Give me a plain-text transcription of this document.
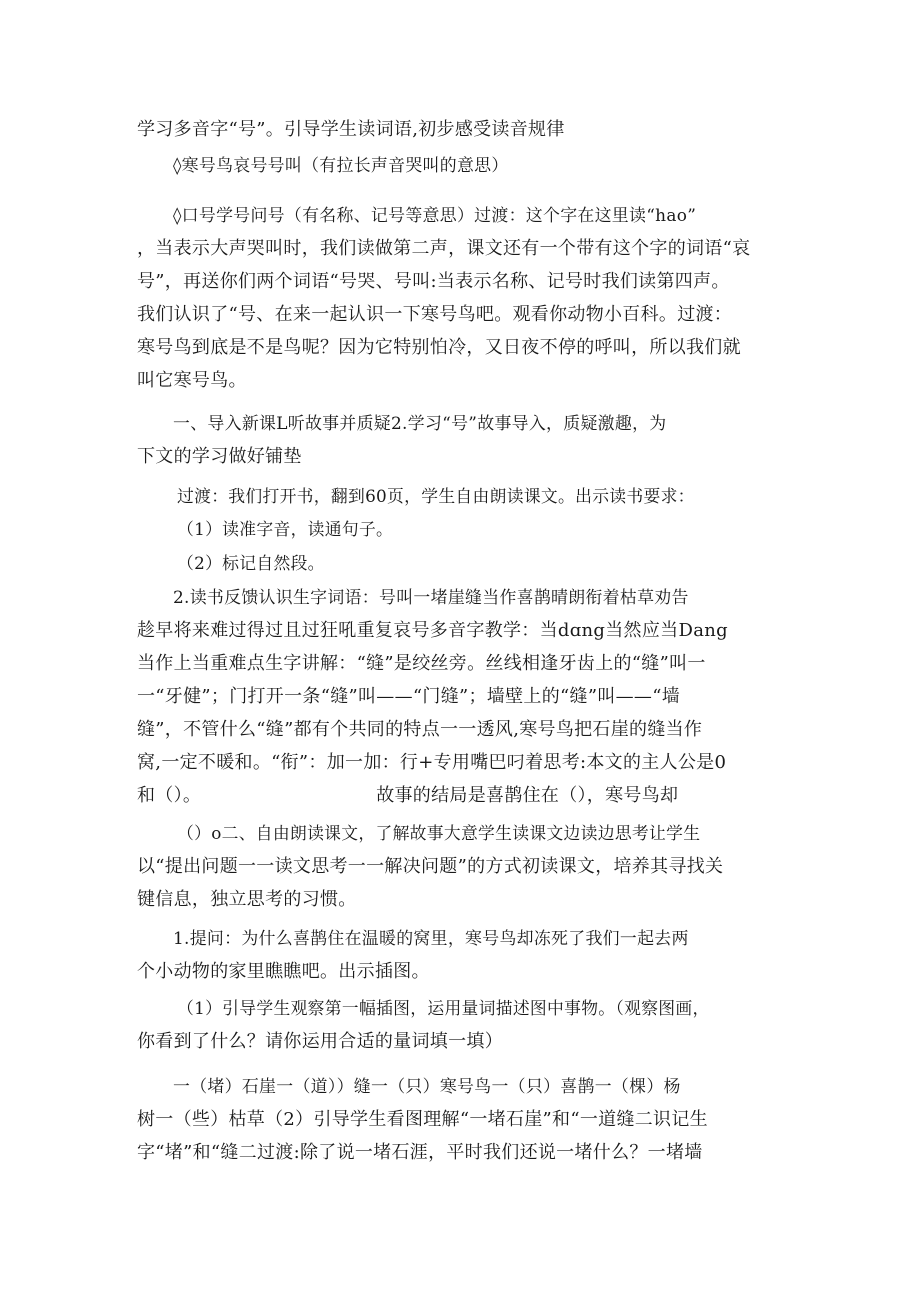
学习多音字“号”。引导学生读词语,初步感受读音规律

◊寒号鸟哀号号叫（有拉长声音哭叫的意思）

◊口号学号问号（有名称、记号等意思）过渡：这个字在这里读“hao”
，当表示大声哭叫时，我们读做第二声，课文还有一个带有这个字的词语“哀
号”，再送你们两个词语“号哭、号叫:当表示名称、记号时我们读第四声。
我们认识了“号、在来一起认识一下寒号鸟吧。观看你动物小百科。过渡：
寒号鸟到底是不是鸟呢？因为它特别怕冷，又日夜不停的呼叫，所以我们就
叫它寒号鸟。

一、导入新课L听故事并质疑2.学习“号”故事导入，质疑激趣，为
下文的学习做好铺垫

过渡：我们打开书，翻到60页，学生自由朗读课文。出示读书要求：

（1）读准字音，读通句子。

（2）标记自然段。

2.读书反馈认识生字词语：号叫一堵崖缝当作喜鹊晴朗衔着枯草劝告
趁早将来难过得过且过狂吼重复哀号多音字教学：当dɑng当然应当Dang
当作上当重难点生字讲解：“缝”是绞丝旁。丝线相逢牙齿上的“缝”叫一
一“牙健”；门打开一条“缝”叫——“门缝”；墙壁上的“缝”叫——“墙
缝”，不管什么“缝”都有个共同的特点一一透风,寒号鸟把石崖的缝当作
窝,一定不暖和。“衔”：加一加：行+专用嘴巴叼着思考:本文的主人公是0
和（）。	故事的结局是喜鹊住在（），寒号鸟却

（）o二、自由朗读课文，了解故事大意学生读课文边读边思考让学生
以“提出问题一一读文思考一一解决问题”的方式初读课文，培养其寻找关
键信息，独立思考的习惯。

1.提问：为什么喜鹊住在温暖的窝里，寒号鸟却冻死了我们一起去两
个小动物的家里瞧瞧吧。出示插图。

（1）引导学生观察第一幅插图，运用量词描述图中事物。（观察图画，
你看到了什么？请你运用合适的量词填一填）

一（堵）石崖一（道））缝一（只）寒号鸟一（只）喜鹊一（棵）杨
树一（些）枯草（2）引导学生看图理解“一堵石崖”和“一道缝二识记生
字“堵”和“缝二过渡:除了说一堵石涯，平时我们还说一堵什么？一堵墙
